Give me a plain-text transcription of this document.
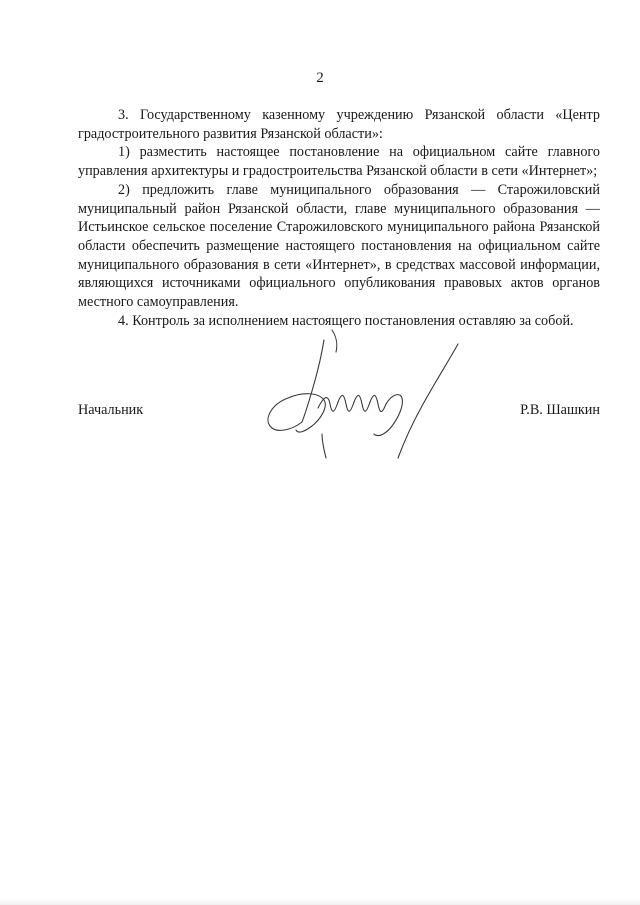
2

3. Государственному казенному учреждению Рязанской области «Центр градостроительного развития Рязанской области»:

1) разместить настоящее постановление на официальном сайте главного управления архитектуры и градостроительства Рязанской области в сети «Интернет»;

2) предложить главе муниципального образования — Старожиловский муниципальный район Рязанской области, главе муниципального образования — Истьинское сельское поселение Старожиловского муниципального района Рязанской области обеспечить размещение настоящего постановления на официальном сайте муниципального образования в сети «Интернет», в средствах массовой информации, являющихся источниками официального опубликования правовых актов органов местного самоуправления.

4. Контроль за исполнением настоящего постановления оставляю за собой.

Начальник	Р.В. Шашкин
